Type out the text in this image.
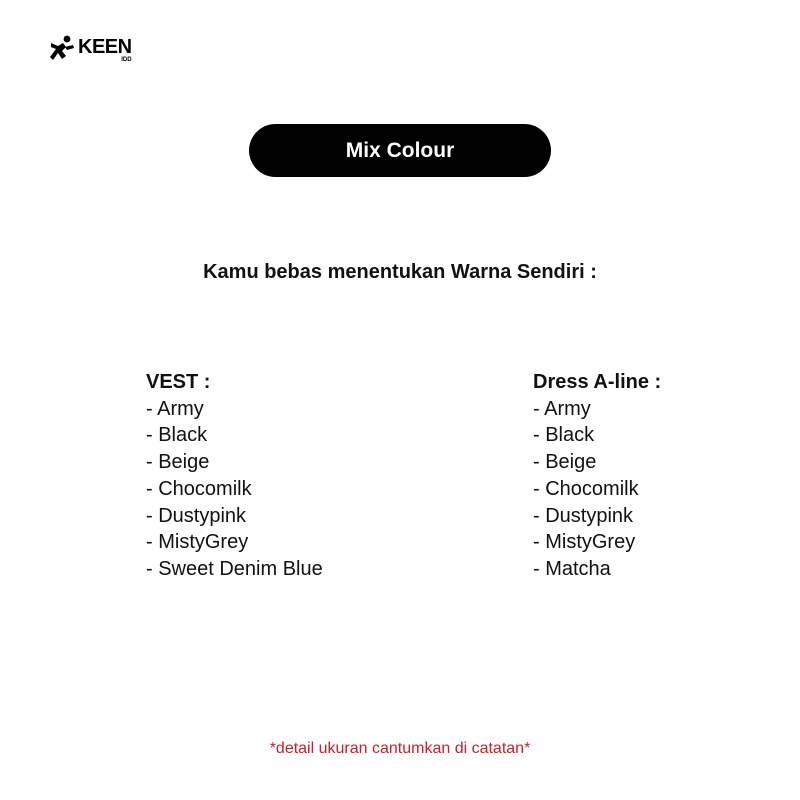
KEEN
IDD
Mix Colour
Kamu bebas menentukan Warna Sendiri :
VEST :
- Army
- Black
- Beige
- Chocomilk
- Dustypink
- MistyGrey
- Sweet Denim Blue
Dress A-line :
- Army
- Black
- Beige
- Chocomilk
- Dustypink
- MistyGrey
- Matcha
*detail ukuran cantumkan di catatan*
